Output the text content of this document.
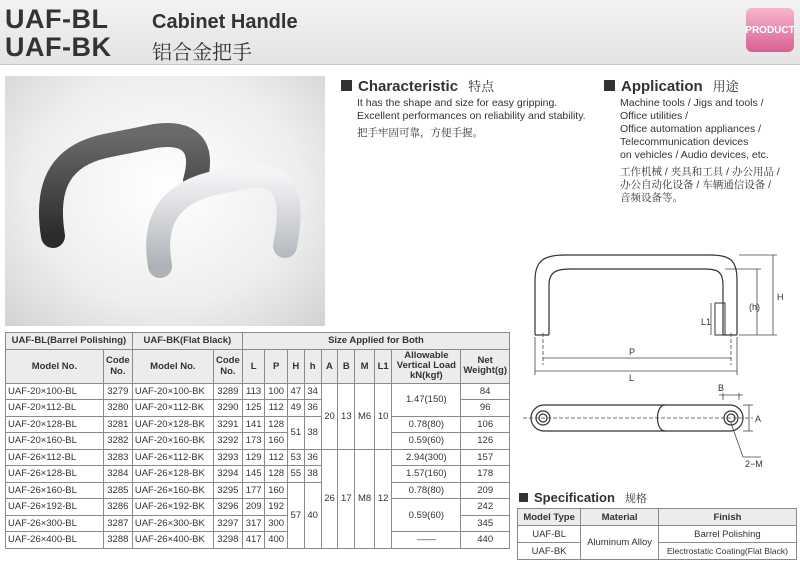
UAF-BL
UAF-BK
Cabinet Handle
铝合金把手
PRODUCT
Characteristic 特点
It has the shape and size for easy gripping.
Excellent performances on reliability and stability.
把手牢固可靠，方便手握。
Application 用途
Machine tools / Jigs and tools /
Office utilities /
Office automation appliances /
Telecommunication devices
on vehicles / Audio devices, etc.
工作机械 / 夹具和工具 / 办公用品 /
办公自动化设备 / 车辆通信设备 /
音频设备等。
H
(h)
L1
P
L
B
A
2−M
UAF-BL(Barrel Polishing)		UAF-BK(Flat Black)		Size Applied for Both									
Model No.	Code No.	Model No.	Code No.	L	P	H	h	A	B	M	L1	Allowable Vertical Load kN(kgf)	Net Weight(g)
UAF-20×100-BL	3279	UAF-20×100-BK	3289	113	100	47	34	20	13	M6	10	1.47(150)	84
UAF-20×112-BL	3280	UAF-20×112-BK	3290	125	112	49	36						96
UAF-20×128-BL	3281	UAF-20×128-BK	3291	141	128	51	38					0.78(80)	106
UAF-20×160-BL	3282	UAF-20×160-BK	3292	173	160							0.59(60)	126
UAF-26×112-BL	3283	UAF-26×112-BK	3293	129	112	53	36	26	17	M8	12	2.94(300)	157
UAF-26×128-BL	3284	UAF-26×128-BK	3294	145	128	55	38					1.57(160)	178
UAF-26×160-BL	3285	UAF-26×160-BK	3295	177	160	57	40					0.78(80)	209
UAF-26×192-BL	3286	UAF-26×192-BK	3296	209	192							0.59(60)	242
UAF-26×300-BL	3287	UAF-26×300-BK	3297	317	300								345
UAF-26×400-BL	3288	UAF-26×400-BK	3298	417	400							——	440
Specification 规格
Model Type	Material	Finish
UAF-BL	Aluminum Alloy	Barrel Polishing
UAF-BK		Electrostatic Coating(Flat Black)
